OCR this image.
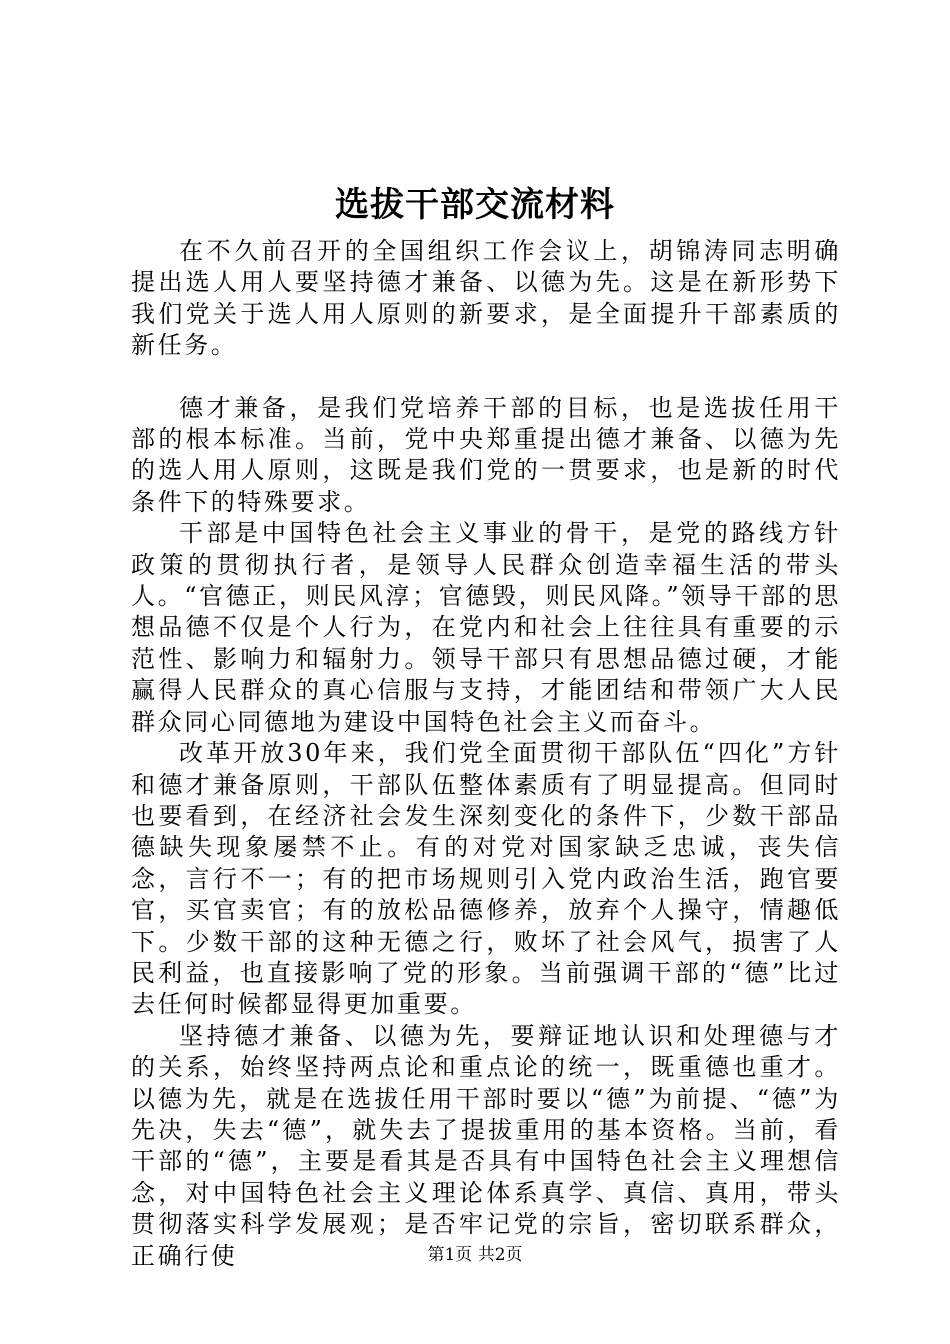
选拔干部交流材料

在不久前召开的全国组织工作会议上，胡锦涛同志明确提出选人用人要坚持德才兼备、以德为先。这是在新形势下我们党关于选人用人原则的新要求，是全面提升干部素质的新任务。

德才兼备，是我们党培养干部的目标，也是选拔任用干部的根本标准。当前，党中央郑重提出德才兼备、以德为先的选人用人原则，这既是我们党的一贯要求，也是新的时代条件下的特殊要求。

干部是中国特色社会主义事业的骨干，是党的路线方针政策的贯彻执行者，是领导人民群众创造幸福生活的带头人。“官德正，则民风淳；官德毁，则民风降。”领导干部的思想品德不仅是个人行为，在党内和社会上往往具有重要的示范性、影响力和辐射力。领导干部只有思想品德过硬，才能赢得人民群众的真心信服与支持，才能团结和带领广大人民群众同心同德地为建设中国特色社会主义而奋斗。

改革开放30年来，我们党全面贯彻干部队伍“四化”方针和德才兼备原则，干部队伍整体素质有了明显提高。但同时也要看到，在经济社会发生深刻变化的条件下，少数干部品德缺失现象屡禁不止。有的对党对国家缺乏忠诚，丧失信念，言行不一；有的把市场规则引入党内政治生活，跑官要官，买官卖官；有的放松品德修养，放弃个人操守，情趣低下。少数干部的这种无德之行，败坏了社会风气，损害了人民利益，也直接影响了党的形象。当前强调干部的“德”比过去任何时候都显得更加重要。

坚持德才兼备、以德为先，要辩证地认识和处理德与才的关系，始终坚持两点论和重点论的统一，既重德也重才。以德为先，就是在选拔任用干部时要以“德”为前提、“德”为先决，失去“德”，就失去了提拔重用的基本资格。当前，看干部的“德”，主要是看其是否具有中国特色社会主义理想信念，对中国特色社会主义理论体系真学、真信、真用，带头贯彻落实科学发展观；是否牢记党的宗旨，密切联系群众，正确行使	第1页 共2页
